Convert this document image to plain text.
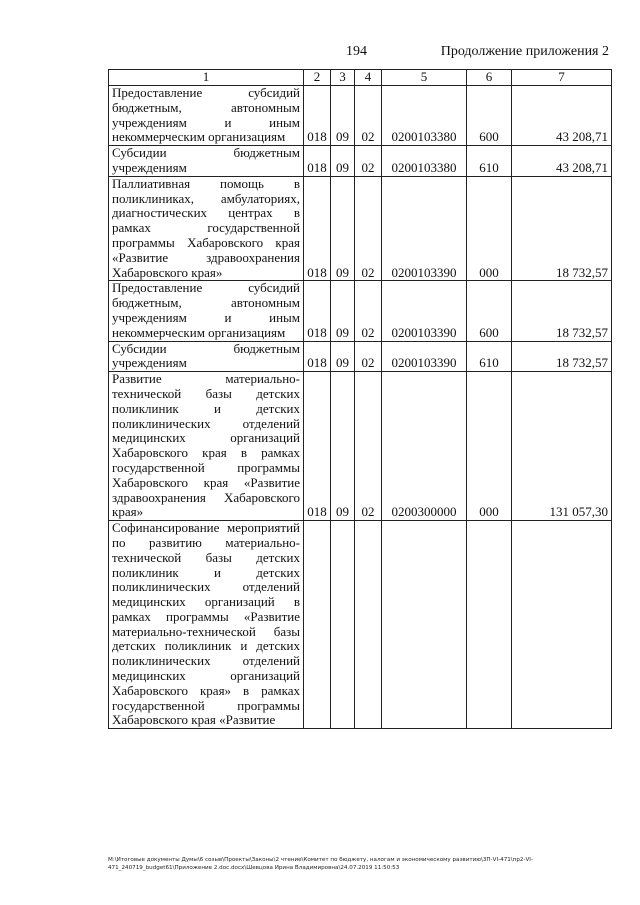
194	Продолжение приложения 2
1	2	3	4	5	6	7
Предоставление субсидий бюджетным, автономным учреждениям и иным некоммерческим организациям	018	09	02	0200103380	600	43 208,71
Субсидии бюджетным учреждениям	018	09	02	0200103380	610	43 208,71
Паллиативная помощь в поликлиниках, амбулаториях, диагностических центрах в рамках государственной программы Хабаровского края «Развитие здравоохранения Хабаровского края»	018	09	02	0200103390	000	18 732,57
Предоставление субсидий бюджетным, автономным учреждениям и иным некоммерческим организациям	018	09	02	0200103390	600	18 732,57
Субсидии бюджетным учреждениям	018	09	02	0200103390	610	18 732,57
Развитие материально-технической базы детских поликлиник и детских поликлинических отделений медицинских организаций Хабаровского края в рамках государственной программы Хабаровского края «Развитие здравоохранения Хабаровского края»	018	09	02	0200300000	000	131 057,30
Софинансирование мероприятий по развитию материально-технической базы детских поликлиник и детских поликлинических отделений медицинских организаций в рамках программы «Развитие материально-технической базы детских поликлиник и детских поликлинических отделений медицинских организаций Хабаровского края» в рамках государственной программы Хабаровского края «Развитие						
M:\Итоговые документы Думы\6 созыв\Проекты\Законы\2 чтение\Комитет по бюджету, налогам и экономическому развитию\3П-VI-471\пр2-VI-471_240719_budget61\Приложение 2.doc.docx\Шевцова Ирина Владимировна\24.07.2019 11:50:53
